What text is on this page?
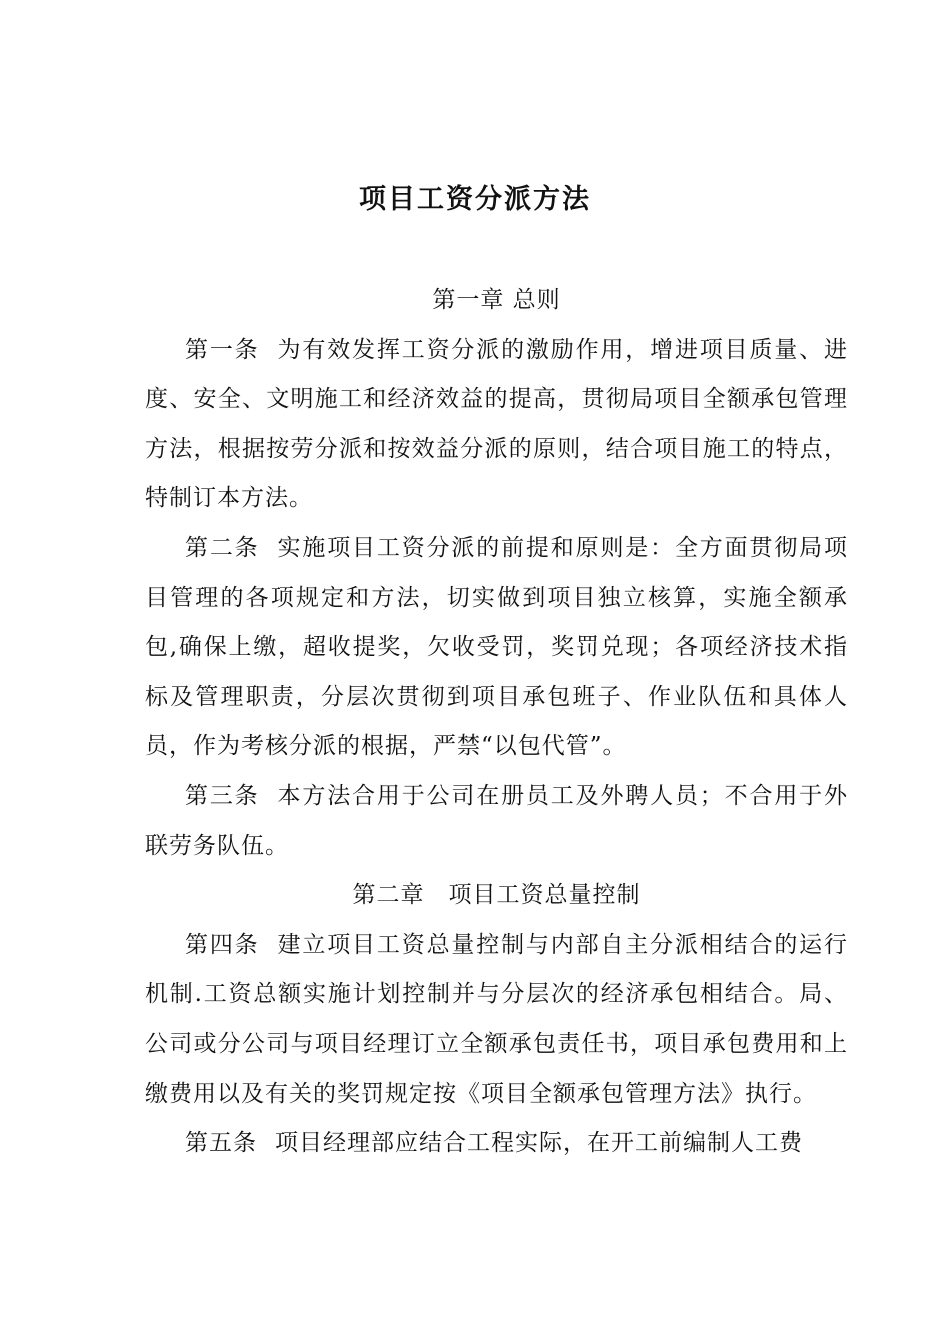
项目工资分派方法

第一章 总则

第一条 为有效发挥工资分派的激励作用，增进项目质量、进度、安全、文明施工和经济效益的提高，贯彻局项目全额承包管理方法，根据按劳分派和按效益分派的原则，结合项目施工的特点，特制订本方法。

第二条 实施项目工资分派的前提和原则是：全方面贯彻局项目管理的各项规定和方法，切实做到项目独立核算，实施全额承包,确保上缴，超收提奖，欠收受罚，奖罚兑现；各项经济技术指标及管理职责，分层次贯彻到项目承包班子、作业队伍和具体人员，作为考核分派的根据，严禁“以包代管”。

第三条 本方法合用于公司在册员工及外聘人员；不合用于外联劳务队伍。

第二章　项目工资总量控制

第四条 建立项目工资总量控制与内部自主分派相结合的运行机制.工资总额实施计划控制并与分层次的经济承包相结合。局、公司或分公司与项目经理订立全额承包责任书，项目承包费用和上缴费用以及有关的奖罚规定按《项目全额承包管理方法》执行。

第五条 项目经理部应结合工程实际，在开工前编制人工费
